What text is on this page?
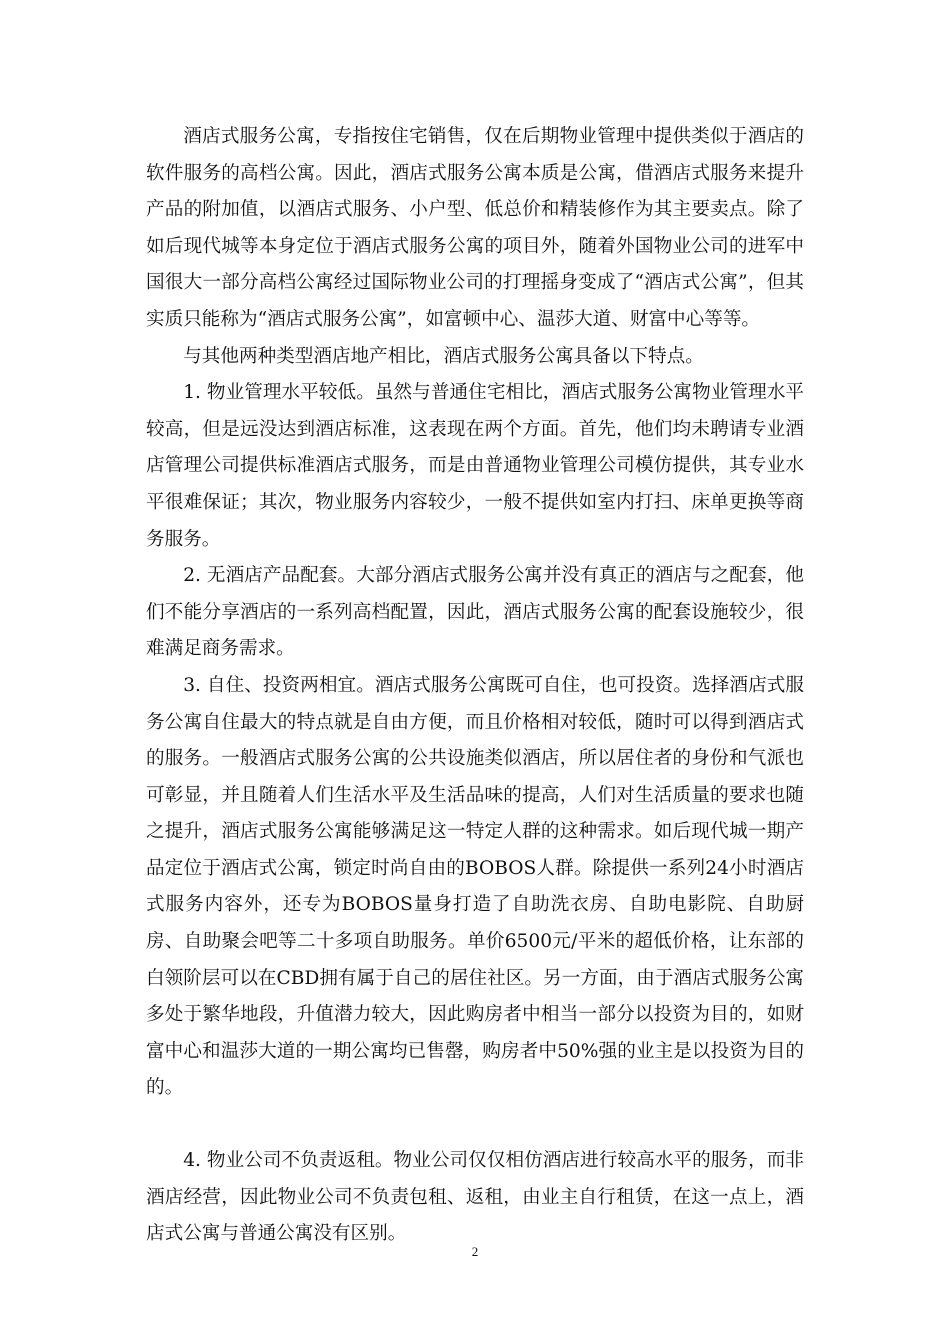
酒店式服务公寓，专指按住宅销售，仅在后期物业管理中提供类似于酒店的软件服务的高档公寓。因此，酒店式服务公寓本质是公寓，借酒店式服务来提升产品的附加值，以酒店式服务、小户型、低总价和精装修作为其主要卖点。除了如后现代城等本身定位于酒店式服务公寓的项目外，随着外国物业公司的进军中国很大一部分高档公寓经过国际物业公司的打理摇身变成了“酒店式公寓”，但其实质只能称为“酒店式服务公寓”，如富顿中心、温莎大道、财富中心等等。

与其他两种类型酒店地产相比，酒店式服务公寓具备以下特点。

1. 物业管理水平较低。虽然与普通住宅相比，酒店式服务公寓物业管理水平较高，但是远没达到酒店标准，这表现在两个方面。首先，他们均未聘请专业酒店管理公司提供标准酒店式服务，而是由普通物业管理公司模仿提供，其专业水平很难保证；其次，物业服务内容较少，一般不提供如室内打扫、床单更换等商务服务。

2. 无酒店产品配套。大部分酒店式服务公寓并没有真正的酒店与之配套，他们不能分享酒店的一系列高档配置，因此，酒店式服务公寓的配套设施较少，很难满足商务需求。

3. 自住、投资两相宜。酒店式服务公寓既可自住，也可投资。选择酒店式服务公寓自住最大的特点就是自由方便，而且价格相对较低，随时可以得到酒店式的服务。一般酒店式服务公寓的公共设施类似酒店，所以居住者的身份和气派也可彰显，并且随着人们生活水平及生活品味的提高，人们对生活质量的要求也随之提升，酒店式服务公寓能够满足这一特定人群的这种需求。如后现代城一期产品定位于酒店式公寓，锁定时尚自由的BOBOS人群。除提供一系列24小时酒店式服务内容外，还专为BOBOS量身打造了自助洗衣房、自助电影院、自助厨房、自助聚会吧等二十多项自助服务。单价6500元/平米的超低价格，让东部的白领阶层可以在CBD拥有属于自己的居住社区。另一方面，由于酒店式服务公寓多处于繁华地段，升值潜力较大，因此购房者中相当一部分以投资为目的，如财富中心和温莎大道的一期公寓均已售罄，购房者中50%强的业主是以投资为目的的。

4. 物业公司不负责返租。物业公司仅仅相仿酒店进行较高水平的服务，而非酒店经营，因此物业公司不负责包租、返租，由业主自行租赁，在这一点上，酒店式公寓与普通公寓没有区别。

2
